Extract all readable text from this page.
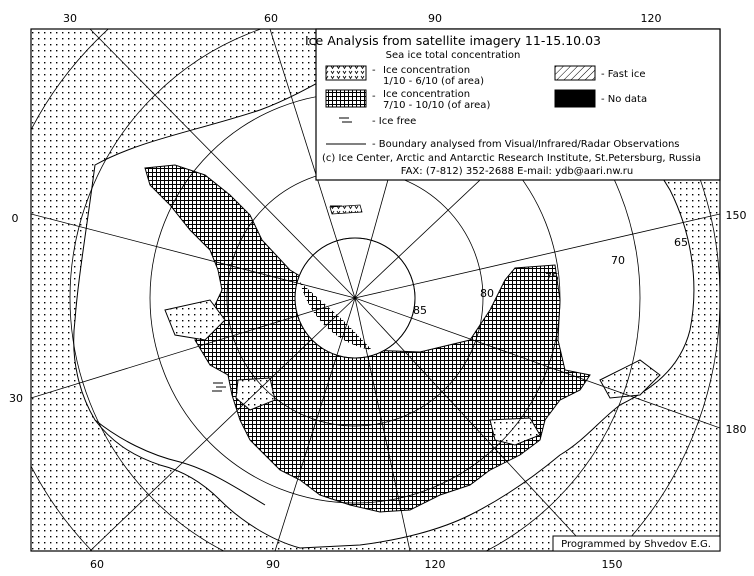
30	60	90	120
60	90	120	150
0
30
150
180
85
80
75
70
65
Ice Analysis from satellite imagery 11-15.10.03
Sea ice total concentration
- Ice concentration
1/10 - 6/10 (of area)
- Ice concentration
7/10 - 10/10 (of area)
- Ice free
- Fast ice
- No data
- Boundary analysed from Visual/Infrared/Radar Observations
(c) Ice Center, Arctic and Antarctic Research Institute, St.Petersburg, Russia
FAX: (7-812) 352-2688 E-mail: ydb@aari.nw.ru
Programmed by Shvedov E.G.
